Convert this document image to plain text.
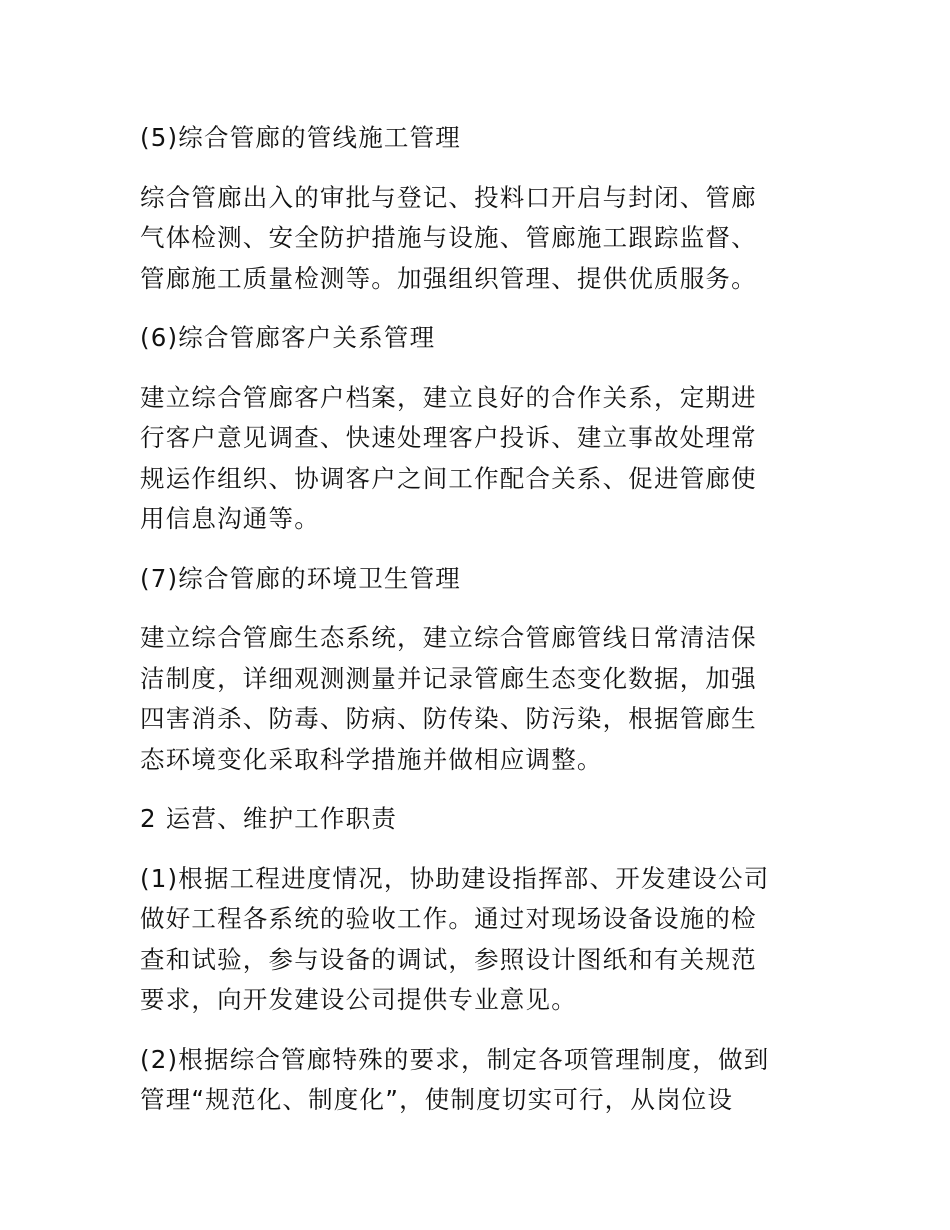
(5)综合管廊的管线施工管理
综合管廊出入的审批与登记、投料口开启与封闭、管廊
气体检测、安全防护措施与设施、管廊施工跟踪监督、
管廊施工质量检测等。加强组织管理、提供优质服务。
(6)综合管廊客户关系管理
建立综合管廊客户档案，建立良好的合作关系，定期进
行客户意见调查、快速处理客户投诉、建立事故处理常
规运作组织、协调客户之间工作配合关系、促进管廊使
用信息沟通等。
(7)综合管廊的环境卫生管理
建立综合管廊生态系统，建立综合管廊管线日常清洁保
洁制度，详细观测测量并记录管廊生态变化数据，加强
四害消杀、防毒、防病、防传染、防污染，根据管廊生
态环境变化采取科学措施并做相应调整。
2 运营、维护工作职责
(1)根据工程进度情况，协助建设指挥部、开发建设公司
做好工程各系统的验收工作。通过对现场设备设施的检
查和试验，参与设备的调试，参照设计图纸和有关规范
要求，向开发建设公司提供专业意见。
(2)根据综合管廊特殊的要求，制定各项管理制度，做到
管理“规范化、制度化”，使制度切实可行，从岗位设
